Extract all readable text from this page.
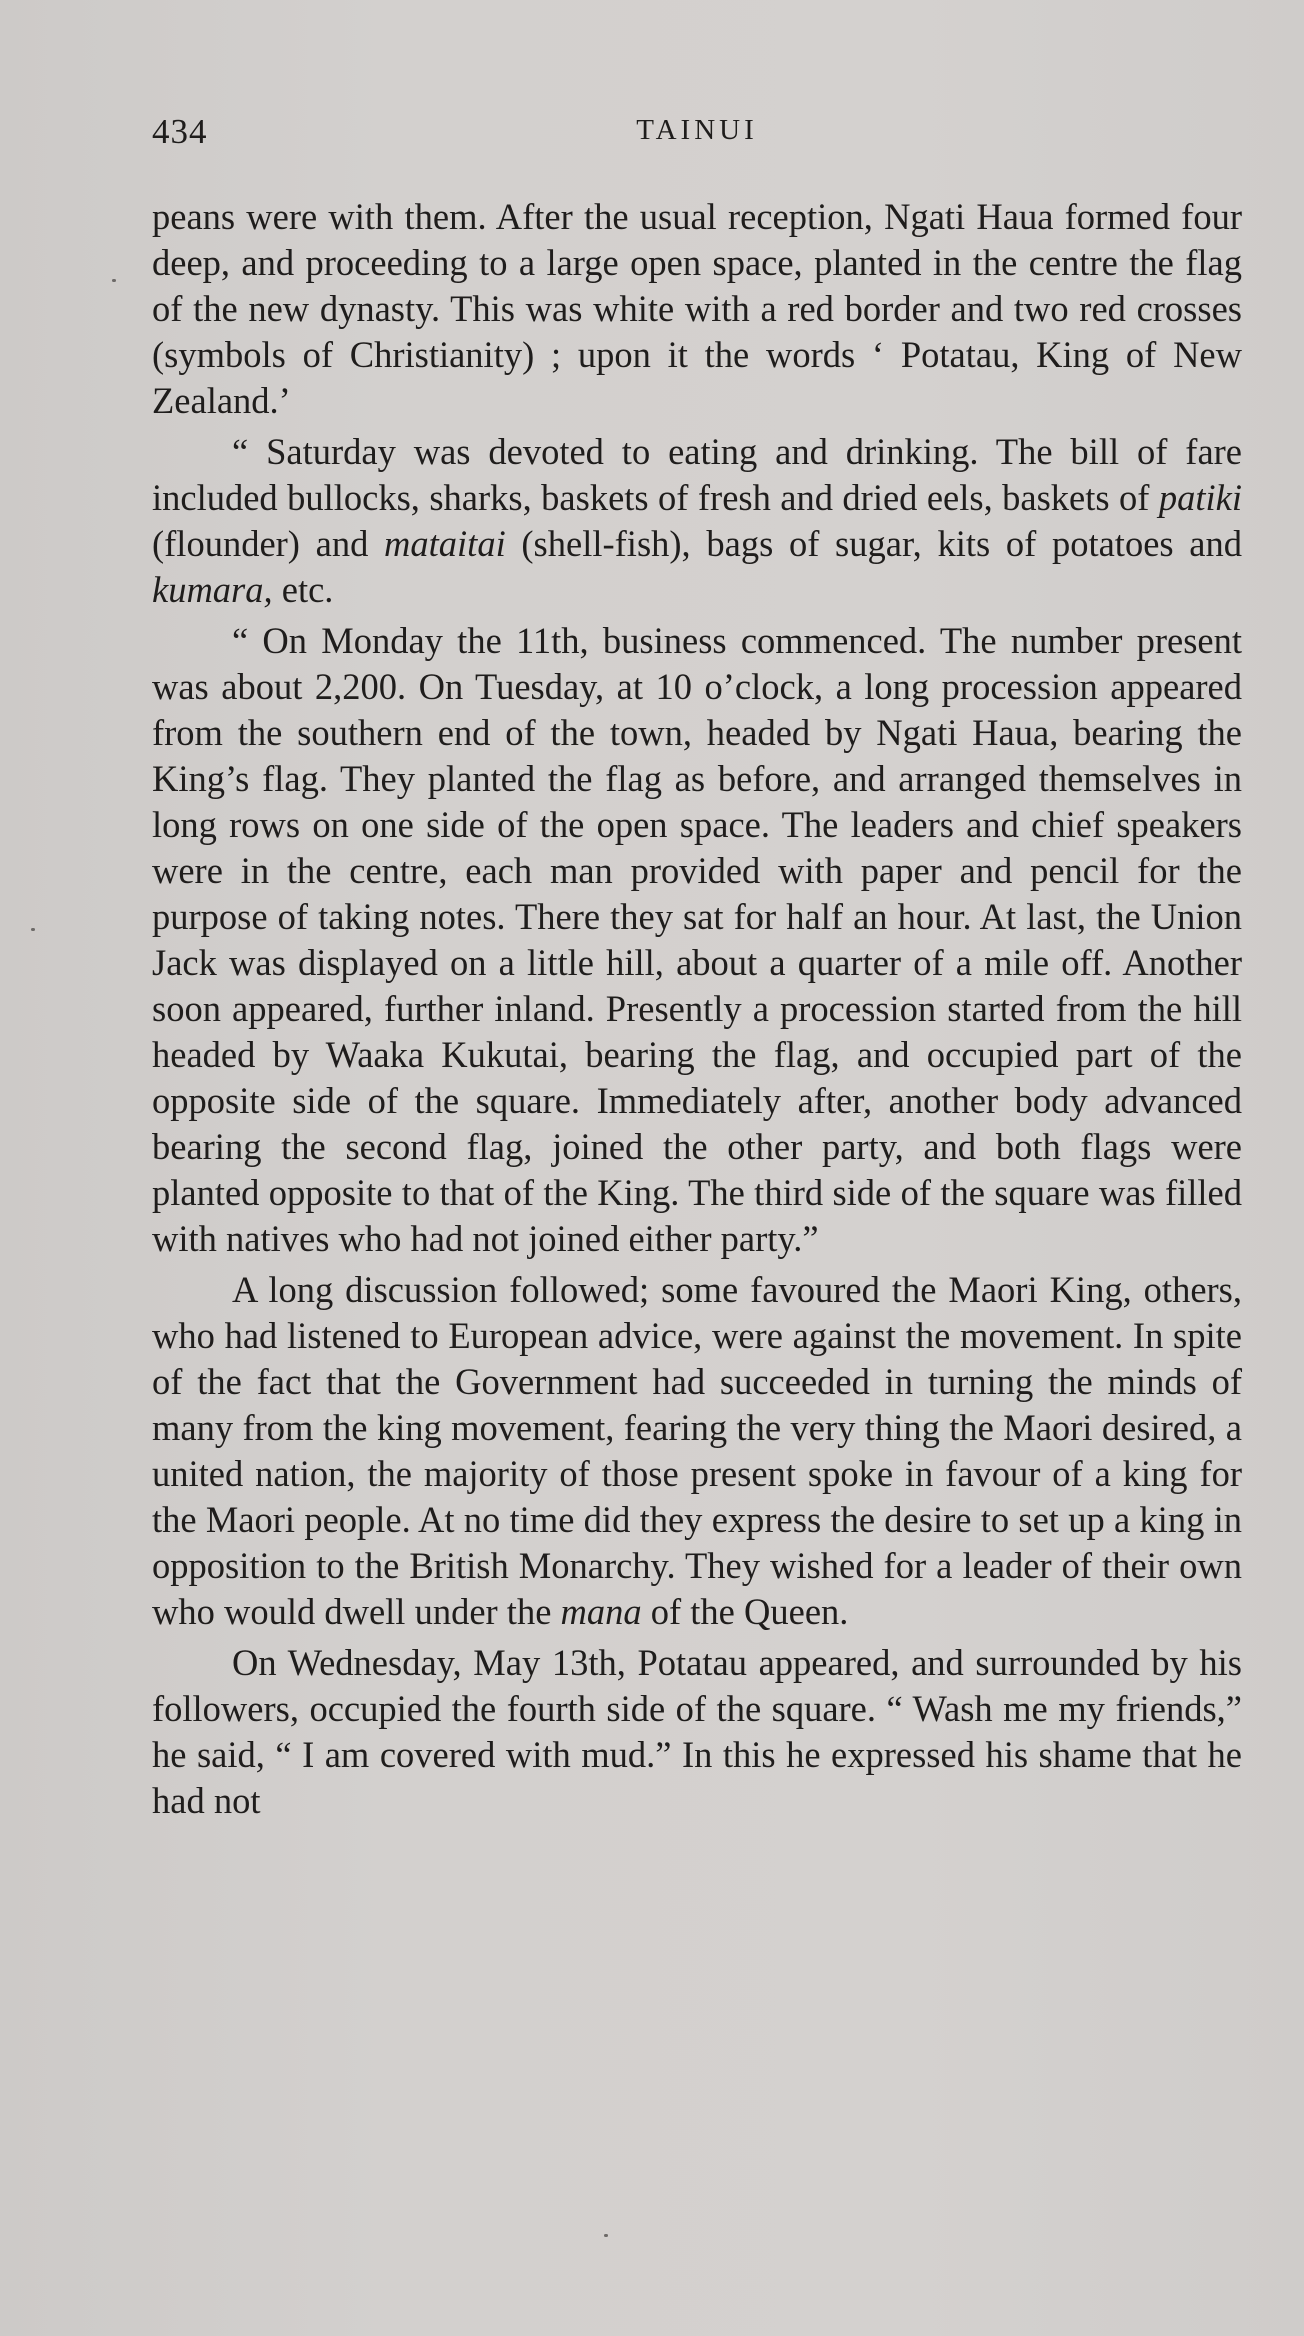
434	TAINUI

peans were with them. After the usual reception, Ngati Haua formed four deep, and proceeding to a large open space, planted in the centre the flag of the new dynasty. This was white with a red border and two red crosses (symbols of Christianity) ; upon it the words ‘ Potatau, King of New Zealand.’

“ Saturday was devoted to eating and drinking. The bill of fare included bullocks, sharks, baskets of fresh and dried eels, baskets of patiki (flounder) and mataitai (shell-fish), bags of sugar, kits of potatoes and kumara, etc.

“ On Monday the 11th, business commenced. The number present was about 2,200. On Tuesday, at 10 o’clock, a long procession appeared from the southern end of the town, headed by Ngati Haua, bearing the King’s flag. They planted the flag as before, and arranged themselves in long rows on one side of the open space. The leaders and chief speakers were in the centre, each man provided with paper and pencil for the purpose of taking notes. There they sat for half an hour. At last, the Union Jack was displayed on a little hill, about a quarter of a mile off. Another soon appeared, further inland. Presently a procession started from the hill headed by Waaka Kukutai, bearing the flag, and occupied part of the opposite side of the square. Immediately after, another body advanced bearing the second flag, joined the other party, and both flags were planted opposite to that of the King. The third side of the square was filled with natives who had not joined either party.”

A long discussion followed; some favoured the Maori King, others, who had listened to European advice, were against the movement. In spite of the fact that the Government had succeeded in turning the minds of many from the king movement, fearing the very thing the Maori desired, a united nation, the majority of those present spoke in favour of a king for the Maori people. At no time did they express the desire to set up a king in opposition to the British Monarchy. They wished for a leader of their own who would dwell under the mana of the Queen.

On Wednesday, May 13th, Potatau appeared, and surrounded by his followers, occupied the fourth side of the square. “ Wash me my friends,” he said, “ I am covered with mud.” In this he expressed his shame that he had not
